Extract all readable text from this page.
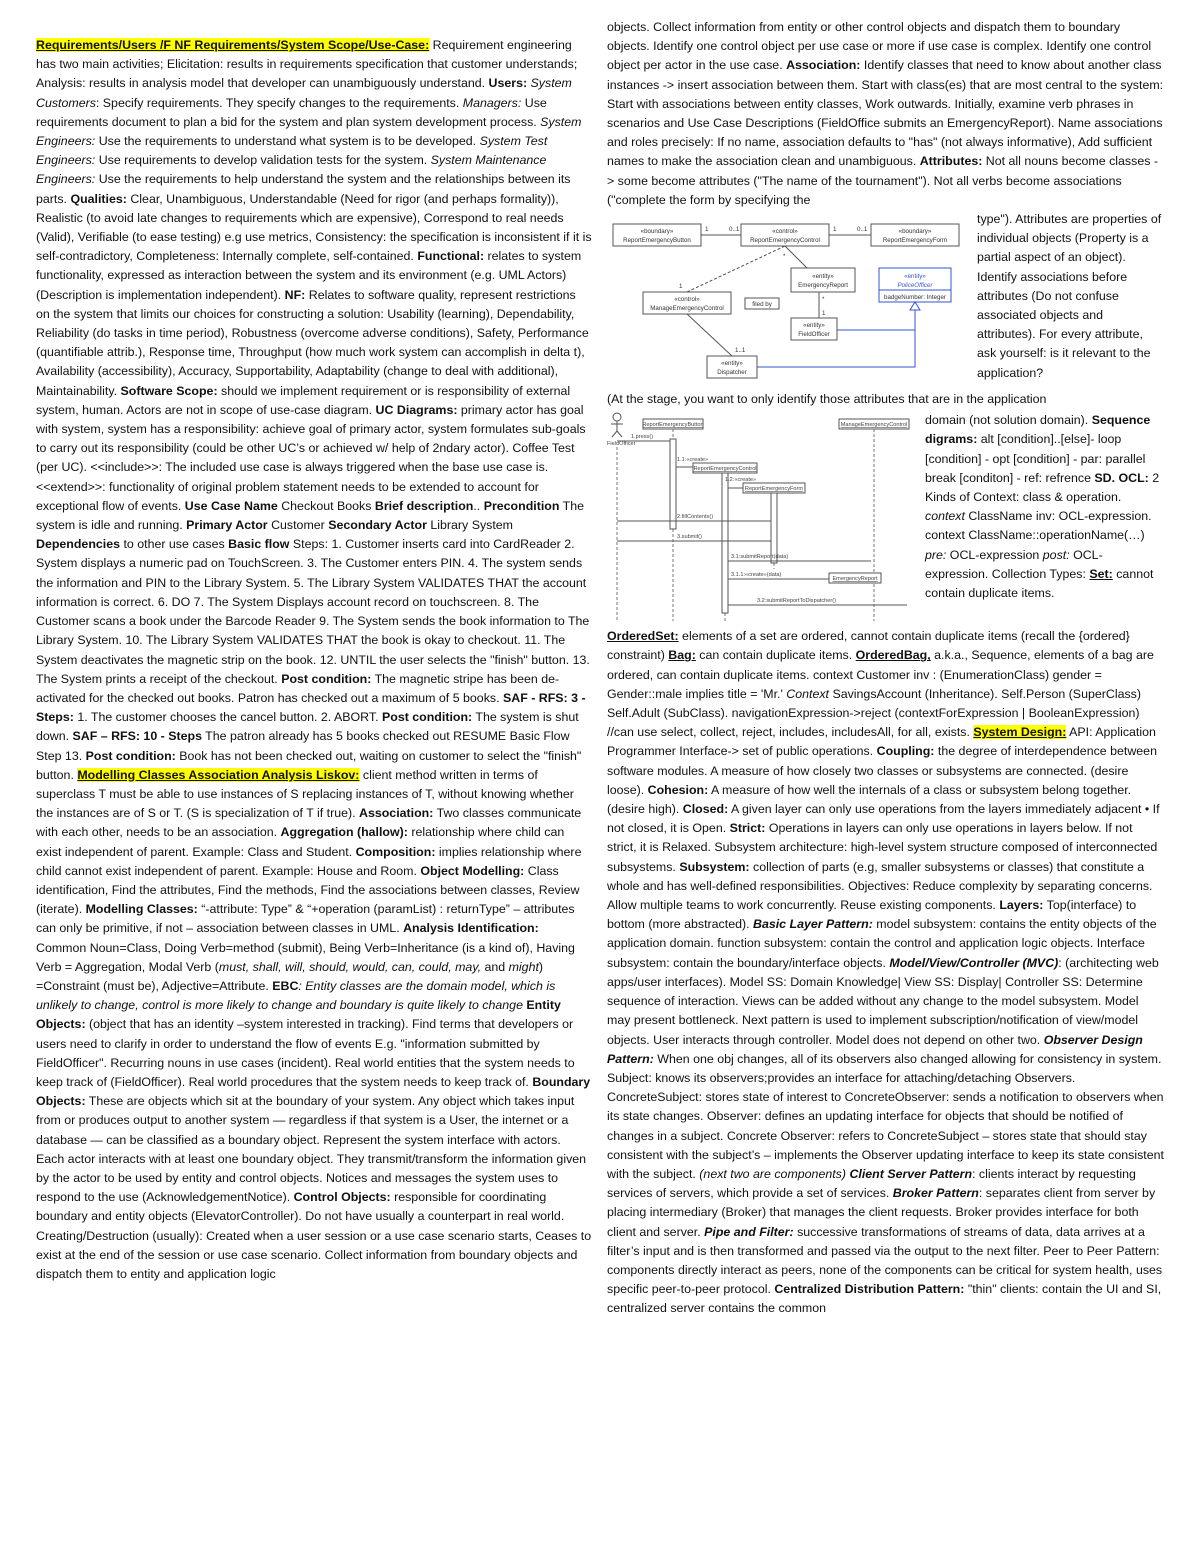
Requirements/Users /F NF Requirements/System Scope/Use-Case: Requirement engineering has two main activities; Elicitation: results in requirements specification that customer understands; Analysis: results in analysis model that developer can unambiguously understand. Users: System Customers: Specify requirements. They specify changes to the requirements. Managers: Use requirements document to plan a bid for the system and plan system development process. System Engineers: Use the requirements to understand what system is to be developed. System Test Engineers: Use requirements to develop validation tests for the system. System Maintenance Engineers: Use the requirements to help understand the system and the relationships between its parts. Qualities: Clear, Unambiguous, Understandable (Need for rigor (and perhaps formality)), Realistic (to avoid late changes to requirements which are expensive), Correspond to real needs (Valid), Verifiable (to ease testing) e.g use metrics, Consistency: the specification is inconsistent if it is self-contradictory, Completeness: Internally complete, self-contained. Functional: relates to system functionality, expressed as interaction between the system and its environment (e.g. UML Actors) (Description is implementation independent). NF: Relates to software quality, represent restrictions on the system that limits our choices for constructing a solution: Usability (learning), Dependability, Reliability (do tasks in time period), Robustness (overcome adverse conditions), Safety, Performance (quantifiable attrib.), Response time, Throughput (how much work system can accomplish in delta t), Availability (accessibility), Accuracy, Supportability, Adaptability (change to deal with additional), Maintainability. Software Scope: should we implement requirement or is responsibility of external system, human. Actors are not in scope of use-case diagram. UC Diagrams: primary actor has goal with system, system has a responsibility: achieve goal of primary actor, system formulates sub-goals to carry out its responsibility (could be other UC’s or achieved w/ help of 2ndary actor). Coffee Test (per UC). <<include>>: The included use case is always triggered when the base use case is. <<extend>>: functionality of original problem statement needs to be extended to account for exceptional flow of events. Use Case Name Checkout Books Brief description.. Precondition The system is idle and running. Primary Actor Customer Secondary Actor Library System Dependencies to other use cases Basic flow Steps: 1. Customer inserts card into CardReader 2. System displays a numeric pad on TouchScreen. 3. The Customer enters PIN. 4. The system sends the information and PIN to the Library System. 5. The Library System VALIDATES THAT the account information is correct. 6. DO 7. The System Displays account record on touchscreen. 8. The Customer scans a book under the Barcode Reader 9. The System sends the book information to The Library System. 10. The Library System VALIDATES THAT the book is okay to checkout. 11. The System deactivates the magnetic strip on the book. 12. UNTIL the user selects the "finish" button. 13. The System prints a receipt of the checkout. Post condition: The magnetic stripe has been de-activated for the checked out books. Patron has checked out a maximum of 5 books. SAF - RFS: 3 - Steps: 1. The customer chooses the cancel button. 2. ABORT. Post condition: The system is shut down. SAF – RFS: 10 - Steps The patron already has 5 books checked out RESUME Basic Flow Step 13. Post condition: Book has not been checked out, waiting on customer to select the "finish" button. Modelling Classes Association Analysis Liskov: client method written in terms of superclass T must be able to use instances of S replacing instances of T, without knowing whether the instances are of S or T. (S is specialization of T if true). Association: Two classes communicate with each other, needs to be an association. Aggregation (hallow): relationship where child can exist independent of parent. Example: Class and Student. Composition: implies relationship where child cannot exist independent of parent. Example: House and Room. Object Modelling: Class identification, Find the attributes, Find the methods, Find the associations between classes, Review (iterate). Modelling Classes: “-attribute: Type” & “+operation (paramList) : returnType” – attributes can only be primitive, if not – association between classes in UML. Analysis Identification: Common Noun=Class, Doing Verb=method (submit), Being Verb=Inheritance (is a kind of), Having Verb = Aggregation, Modal Verb (must, shall, will, should, would, can, could, may, and might) =Constraint (must be), Adjective=Attribute. EBC: Entity classes are the domain model, which is unlikely to change, control is more likely to change and boundary is quite likely to change Entity Objects: (object that has an identity –system interested in tracking). Find terms that developers or users need to clarify in order to understand the flow of events E.g. "information submitted by FieldOfficer". Recurring nouns in use cases (incident). Real world entities that the system needs to keep track of (FieldOfficer). Real world procedures that the system needs to keep track of. Boundary Objects: These are objects which sit at the boundary of your system. Any object which takes input from or produces output to another system — regardless if that system is a User, the internet or a database — can be classified as a boundary object. Represent the system interface with actors. Each actor interacts with at least one boundary object. They transmit/transform the information given by the actor to be used by entity and control objects. Notices and messages the system uses to respond to the use (AcknowledgementNotice). Control Objects: responsible for coordinating boundary and entity objects (ElevatorController). Do not have usually a counterpart in real world. Creating/Destruction (usually): Created when a user session or a use case scenario starts, Ceases to exist at the end of the session or use case scenario. Collect information from boundary objects and dispatch them to entity and application logic
objects. Collect information from entity or other control objects and dispatch them to boundary objects. Identify one control object per use case or more if use case is complex. Identify one control object per actor in the use case. Association: Identify classes that need to know about another class instances -> insert association between them. Start with class(es) that are most central to the system: Start with associations between entity classes, Work outwards. Initially, examine verb phrases in scenarios and Use Case Descriptions (FieldOffice submits an EmergencyReport). Name associations and roles precisely: If no name, association defaults to "has" (not always informative), Add sufficient names to make the association clean and unambiguous. Attributes: Not all nouns become classes -> some become attributes ("The name of the tournament"). Not all verbs become associations ("complete the form by specifying the
«boundary»
ReportEmergencyButton
«control»
ReportEmergencyControl
«boundary»
ReportEmergencyForm
1	0..1	1	0..1
«control»
ManageEmergencyControl
1
«entity»
EmergencyReport
*
filed by
«entity»
FieldOfficer
*
1
«entity»
PoliceOfficer
badgeNumber: Integer
«entity»
Dispatcher
1..1
type"). Attributes are properties of individual objects (Property is a partial aspect of an object). Identify associations before attributes (Do not confuse associated objects and attributes). For every attribute, ask yourself: is it relevant to the application?
(At the stage, you want to only identify those attributes that are in the application
FieldOfficer
ReportEmergencyButton	ManageEmergencyControl
ReportEmergencyControl
ReportEmergencyForm
EmergencyReport
1.press()
1.1:«create»
1.2:«create»
2.fillContents()
3.submit()
3.1:submitReport(data)
3.1.1:«create»(data)
3.2:submitReportToDispatcher()
domain (not solution domain). Sequence digrams: alt [condition]..[else]- loop [condition] - opt [condition] - par: parallel break [conditon] - ref: refrence SD. OCL: 2 Kinds of Context: class & operation. context ClassName inv: OCL-expression. context ClassName::operationName(…) pre: OCL-expression post: OCL-expression. Collection Types: Set: cannot contain duplicate items.
OrderedSet: elements of a set are ordered, cannot contain duplicate items (recall the {ordered} constraint) Bag: can contain duplicate items. OrderedBag, a.k.a., Sequence, elements of a bag are ordered, can contain duplicate items. context Customer inv : (EnumerationClass) gender = Gender::male implies title = 'Mr.' Context SavingsAccount (Inheritance). Self.Person (SuperClass) Self.Adult (SubClass). navigationExpression->reject (contextForExpression | BooleanExpression) //can use select, collect, reject, includes, includesAll, for all, exists. System Design: API: Application Programmer Interface-> set of public operations. Coupling: the degree of interdependence between software modules. A measure of how closely two classes or subsystems are connected. (desire loose). Cohesion: A measure of how well the internals of a class or subsystem belong together. (desire high). Closed: A given layer can only use operations from the layers immediately adjacent • If not closed, it is Open. Strict: Operations in layers can only use operations in layers below. If not strict, it is Relaxed. Subsystem architecture: high-level system structure composed of interconnected subsystems. Subsystem: collection of parts (e.g, smaller subsystems or classes) that constitute a whole and has well-defined responsibilities. Objectives: Reduce complexity by separating concerns. Allow multiple teams to work concurrently. Reuse existing components. Layers: Top(interface) to bottom (more abstracted). Basic Layer Pattern: model subsystem: contains the entity objects of the application domain. function subsystem: contain the control and application logic objects. Interface subsystem: contain the boundary/interface objects. Model/View/Controller (MVC): (architecting web apps/user interfaces). Model SS: Domain Knowledge| View SS: Display| Controller SS: Determine sequence of interaction. Views can be added without any change to the model subsystem. Model may present bottleneck. Next pattern is used to implement subscription/notification of view/model objects. User interacts through controller. Model does not depend on other two. Observer Design Pattern: When one obj changes, all of its observers also changed allowing for consistency in system. Subject: knows its observers;provides an interface for attaching/detaching Observers. ConcreteSubject: stores state of interest to ConcreteObserver: sends a notification to observers when its state changes. Observer: defines an updating interface for objects that should be notified of changes in a subject. Concrete Observer: refers to ConcreteSubject – stores state that should stay consistent with the subject’s – implements the Observer updating interface to keep its state consistent with the subject. (next two are components) Client Server Pattern: clients interact by requesting services of servers, which provide a set of services. Broker Pattern: separates client from server by placing intermediary (Broker) that manages the client requests. Broker provides interface for both client and server. Pipe and Filter: successive transformations of streams of data, data arrives at a filter’s input and is then transformed and passed via the output to the next filter. Peer to Peer Pattern: components directly interact as peers, none of the components can be critical for system health, uses specific peer-to-peer protocol. Centralized Distribution Pattern: "thin" clients: contain the UI and SI, centralized server contains the common
